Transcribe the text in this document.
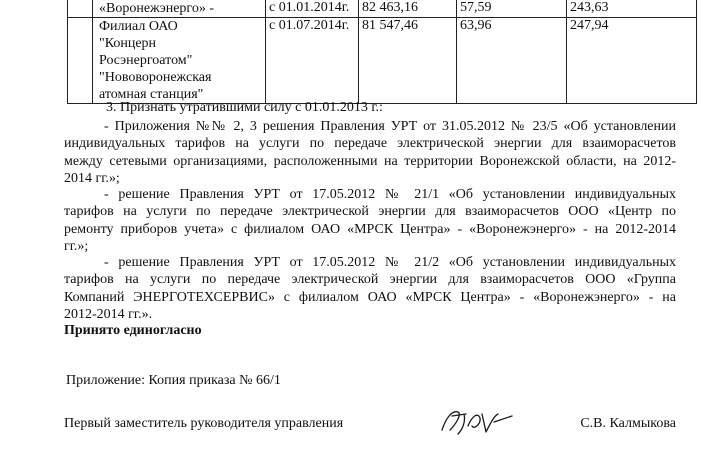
	«Воронежэнерго» -	с 01.01.2014г.	82 463,16	57,59	243,63

	Филиал ОАО
"Концерн
Росэнергоатом"
"Нововоронежская
атомная станция"	с 01.07.2014г.	81 547,46	63,96	247,94
3. Признать утратившими силу с 01.01.2013 г.:
- Приложения №№ 2, 3 решения Правления УРТ от 31.05.2012 № 23/5 «Об установлении
индивидуальных тарифов на услуги по передаче электрической энергии для взаиморасчетов
между сетевыми организациями, расположенными на территории Воронежской области, на 2012-
2014 гг.»;
- решение Правления УРТ от 17.05.2012 № 21/1 «Об установлении индивидуальных
тарифов на услуги по передаче электрической энергии для взаиморасчетов ООО «Центр по
ремонту приборов учета» с филиалом ОАО «МРСК Центра» - «Воронежэнерго» - на 2012-2014
гг.»;
- решение Правления УРТ от 17.05.2012 № 21/2 «Об установлении индивидуальных
тарифов на услуги по передаче электрической энергии для взаиморасчетов ООО «Группа
Компаний ЭНЕРГОТЕХСЕРВИС» с филиалом ОАО «МРСК Центра» - «Воронежэнерго» - на
2012-2014 гг.».
Принято единогласно
Приложение: Копия приказа № 66/1
Первый заместитель руководителя управления	С.В. Калмыкова
